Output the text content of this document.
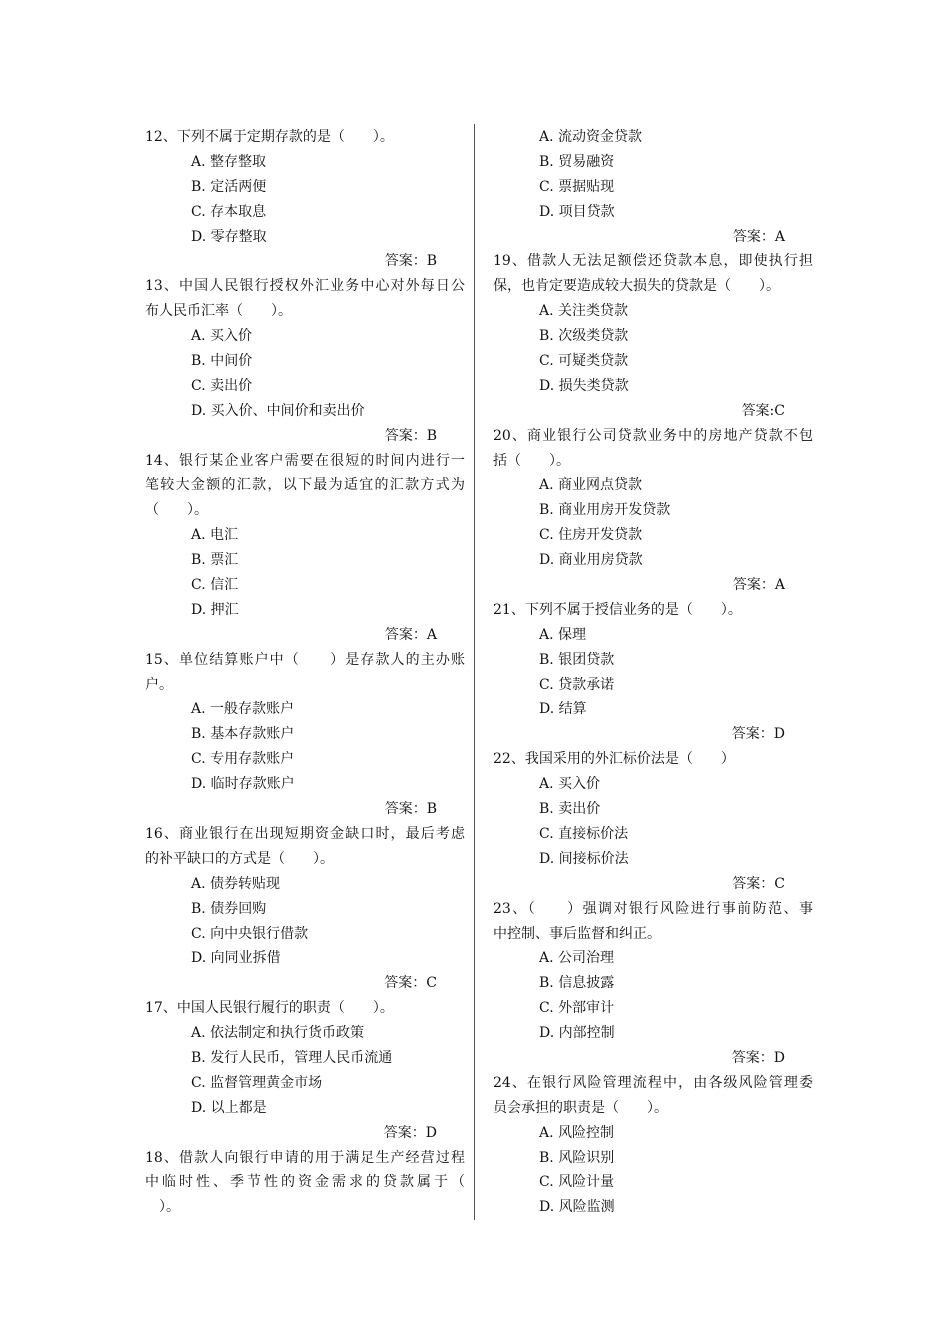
12、下列不属于定期存款的是（　　）。
A. 整存整取
B. 定活两便
C. 存本取息
D. 零存整取
答案：B
13、中国人民银行授权外汇业务中心对外每日公
布人民币汇率（　　）。
A. 买入价
B. 中间价
C. 卖出价
D. 买入价、中间价和卖出价
答案：B
14、银行某企业客户需要在很短的时间内进行一
笔较大金额的汇款，以下最为适宜的汇款方式为
（　　）。
A. 电汇
B. 票汇
C. 信汇
D. 押汇
答案：A
15、单位结算账户中（　　）是存款人的主办账
户。
A. 一般存款账户
B. 基本存款账户
C. 专用存款账户
D. 临时存款账户
答案：B
16、商业银行在出现短期资金缺口时，最后考虑
的补平缺口的方式是（　　）。
A. 债券转贴现
B. 债券回购
C. 向中央银行借款
D. 向同业拆借
答案：C
17、中国人民银行履行的职责（　　）。
A. 依法制定和执行货币政策
B. 发行人民币，管理人民币流通
C. 监督管理黄金市场
D. 以上都是
答案：D
18、借款人向银行申请的用于满足生产经营过程
中临时性、季节性的资金需求的贷款属于（
　）。
A. 流动资金贷款
B. 贸易融资
C. 票据贴现
D. 项目贷款
答案：A
19、借款人无法足额偿还贷款本息，即使执行担
保，也肯定要造成较大损失的贷款是（　　）。
A. 关注类贷款
B. 次级类贷款
C. 可疑类贷款
D. 损失类贷款
答案:C
20、商业银行公司贷款业务中的房地产贷款不包
括（　　）。
A. 商业网点贷款
B. 商业用房开发贷款
C. 住房开发贷款
D. 商业用房贷款
答案：A
21、下列不属于授信业务的是（　　）。
A. 保理
B. 银团贷款
C. 贷款承诺
D. 结算
答案：D
22、我国采用的外汇标价法是（　　）
A. 买入价
B. 卖出价
C. 直接标价法
D. 间接标价法
答案：C
23、（　　）强调对银行风险进行事前防范、事
中控制、事后监督和纠正。
A. 公司治理
B. 信息披露
C. 外部审计
D. 内部控制
答案：D
24、在银行风险管理流程中，由各级风险管理委
员会承担的职责是（　　）。
A. 风险控制
B. 风险识别
C. 风险计量
D. 风险监测
